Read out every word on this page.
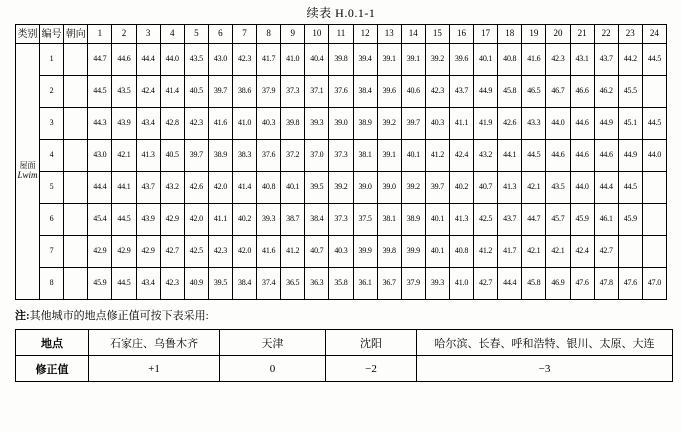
续表 H.0.1-1
类别	编号	朝向	1	2	3	4	5	6	7	8	9	10	11	12	13	14	15	16	17	18	19	20	21	22	23	24

屋面
Lwim	1		44.7	44.6	44.4	44.0	43.5	43.0	42.3	41.7	41.0	40.4	39.8	39.4	39.1	39.1	39.2	39.6	40.1	40.8	41.6	42.3	43.1	43.7	44.2	44.5
	2		44.5	43.5	42.4	41.4	40.5	39.7	38.6	37.9	37.3	37.1	37.6	38.4	39.6	40.6	42.3	43.7	44.9	45.8	46.5	46.7	46.6	46.2	45.5	
	3		44.3	43.9	43.4	42.8	42.3	41.6	41.0	40.3	39.8	39.3	39.0	38.9	39.2	39.7	40.3	41.1	41.9	42.6	43.3	44.0	44.6	44.9	45.1	44.5
	4		43.0	42.1	41.3	40.5	39.7	38.9	38.3	37.6	37.2	37.0	37.3	38.1	39.1	40.1	41.2	42.4	43.2	44.1	44.5	44.6	44.6	44.6	44.9	44.0
	5		44.4	44.1	43.7	43.2	42.6	42.0	41.4	40.8	40.1	39.5	39.2	39.0	39.0	39.2	39.7	40.2	40.7	41.3	42.1	43.5	44.0	44.4	44.5	
	6		45.4	44.5	43.9	42.9	42.0	41.1	40.2	39.3	38.7	38.4	37.3	37.5	38.1	38.9	40.1	41.3	42.5	43.7	44.7	45.7	45.9	46.1	45.9	
	7		42.9	42.9	42.9	42.7	42.5	42.3	42.0	41.6	41.2	40.7	40.3	39.9	39.8	39.9	40.1	40.8	41.2	41.7	42.1	42.1	42.4	42.7		
	8		45.9	44.5	43.4	42.3	40.9	39.5	38.4	37.4	36.5	36.3	35.8	36.1	36.7	37.9	39.3	41.0	42.7	44.4	45.8	46.9	47.6	47.8	47.6	47.0
注:其他城市的地点修正值可按下表采用:
地点	石家庄、乌鲁木齐	天津	沈阳	哈尔滨、长春、呼和浩特、银川、太原、大连
修正值	+1	0	−2	−3
